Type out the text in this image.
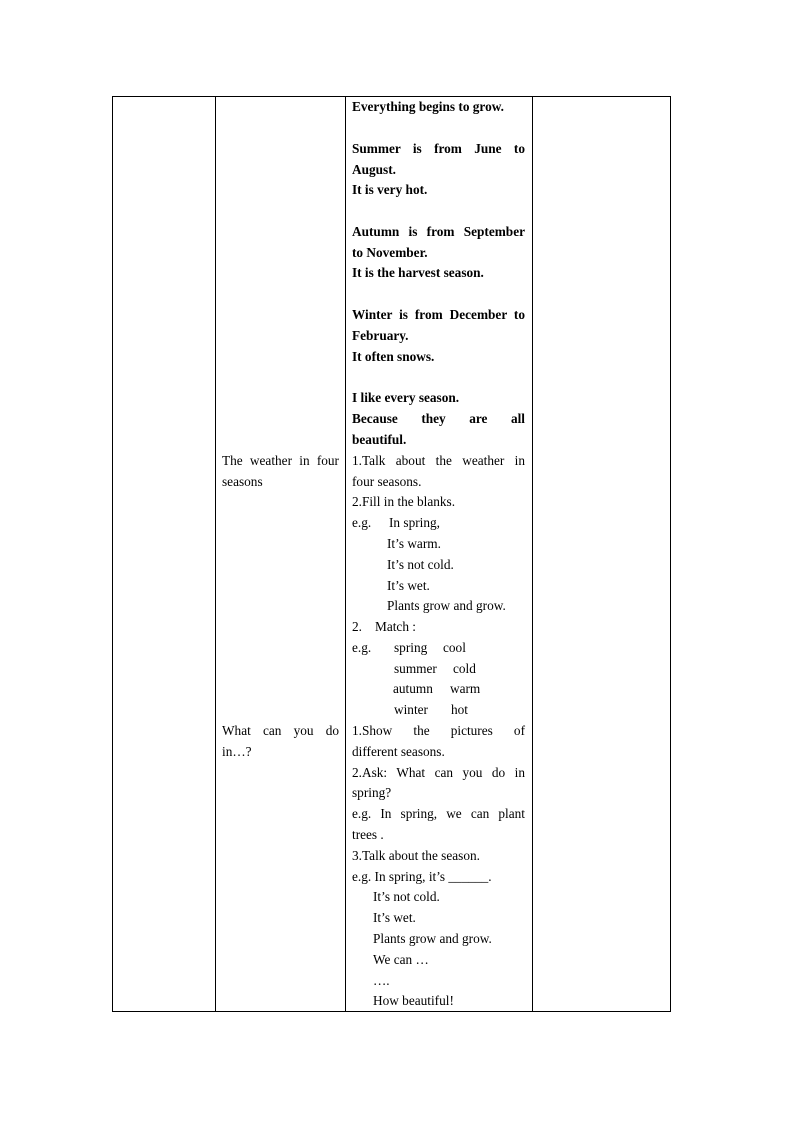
The weather in four
seasons
What can you do
in…?
Everything begins to grow.
Summer is from June to
August.
It is very hot.
Autumn is from September
to November.
It is the harvest season.
Winter is from December to
February.
It often snows.
I like every season.
Because they are all
beautiful.
1.Talk about the weather in
four seasons.
2.Fill in the blanks.
e.g. In spring,
It’s warm.
It’s not cold.
It’s wet.
Plants grow and grow.
2. Match :
e.g. spring cool
summer cold
autumn warm
winter hot
1.Show the pictures of
different seasons.
2.Ask: What can you do in
spring?
e.g. In spring, we can plant
trees .
3.Talk about the season.
e.g. In spring, it’s ______.
It’s not cold.
It’s wet.
Plants grow and grow.
We can …
….
How beautiful!
